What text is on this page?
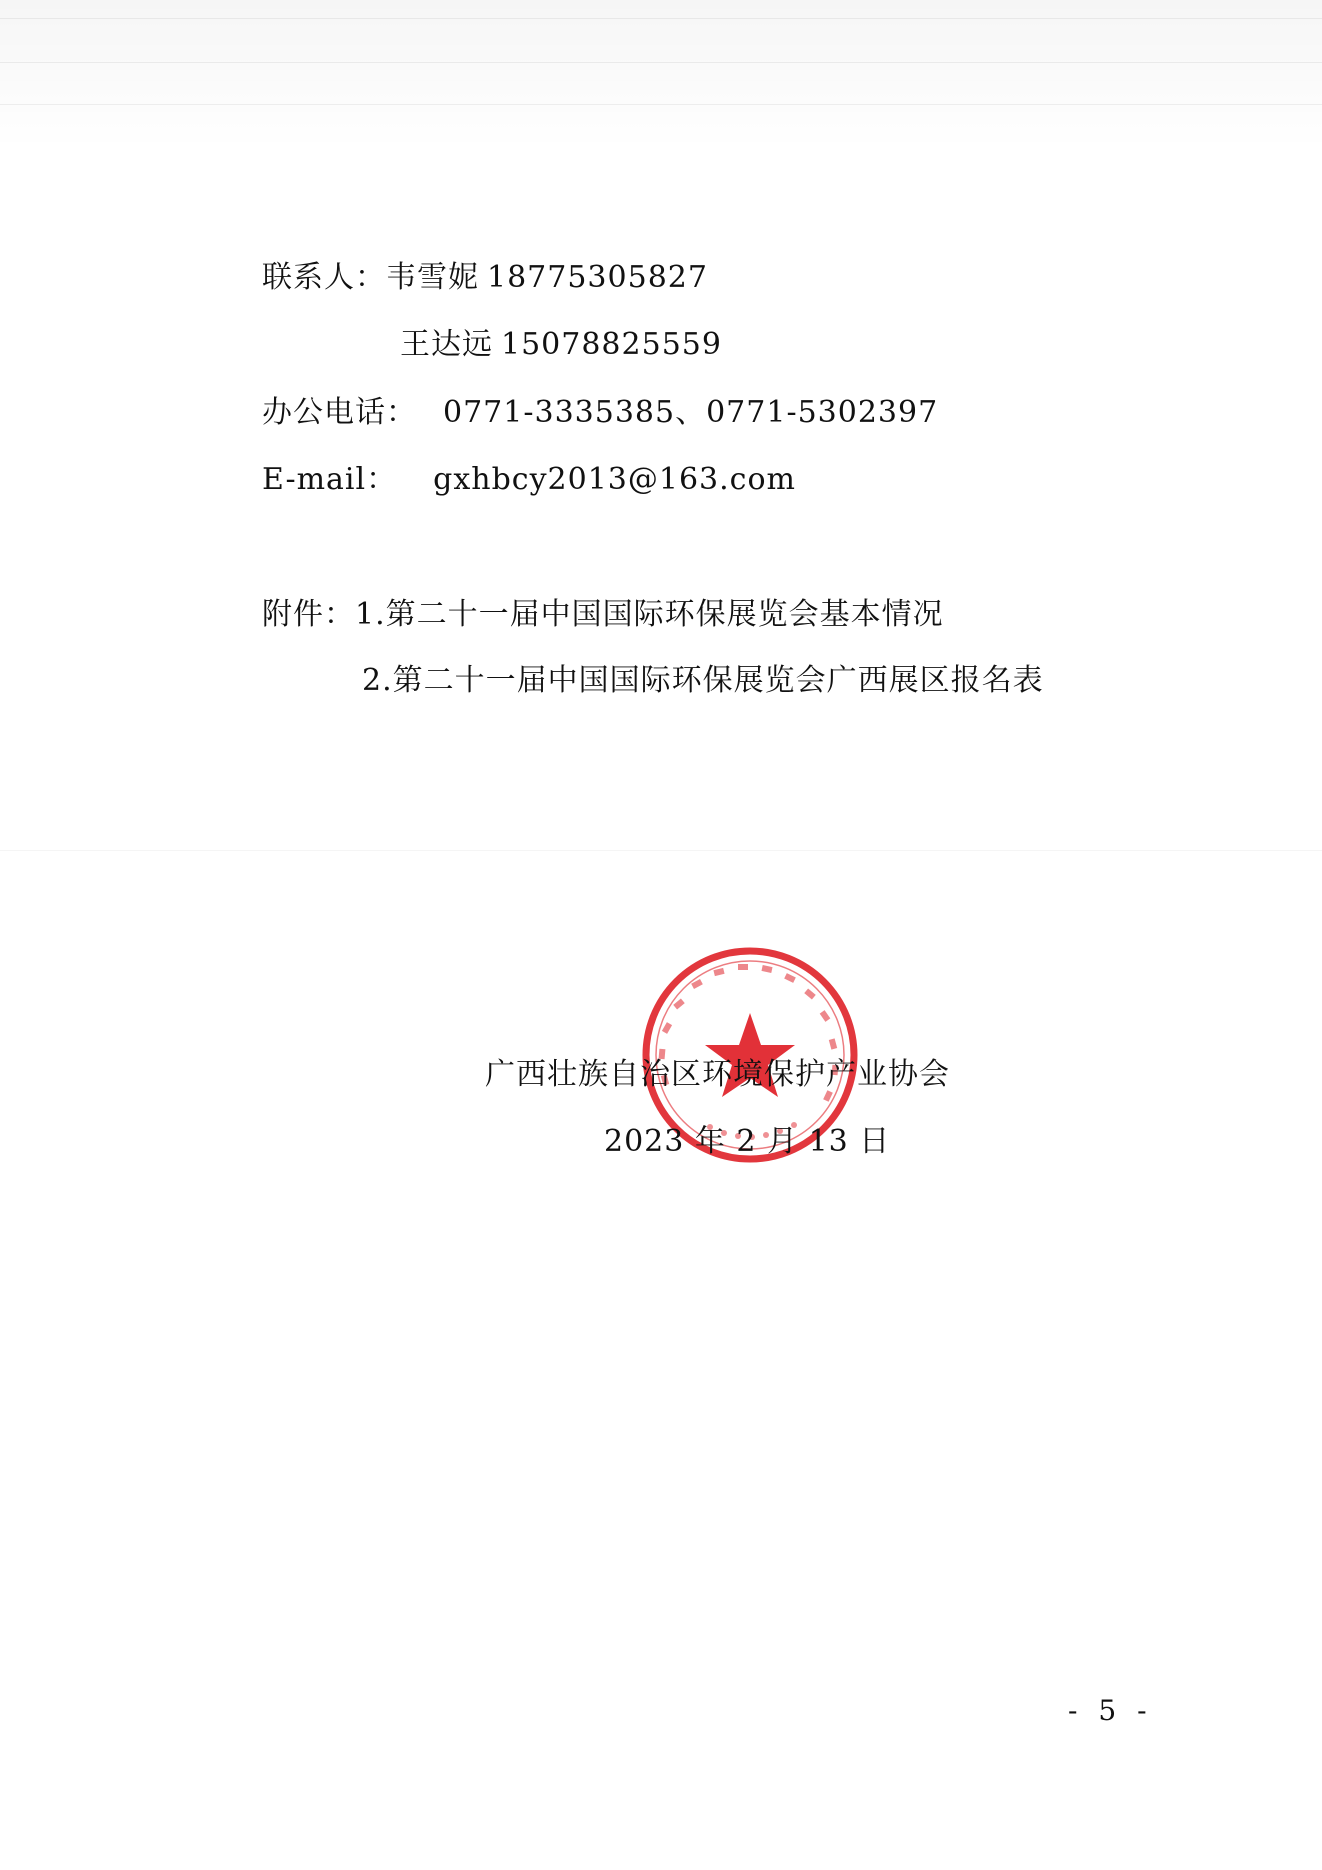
联系人：韦雪妮 18775305827
王达远 15078825559
办公电话： 0771-3335385、0771-5302397
E-mail： gxhbcy2013@163.com
附件：1.第二十一届中国国际环保展览会基本情况
2.第二十一届中国国际环保展览会广西展区报名表
广西壮族自治区环境保护产业协会
2023 年 2 月 13 日
- 5 -
